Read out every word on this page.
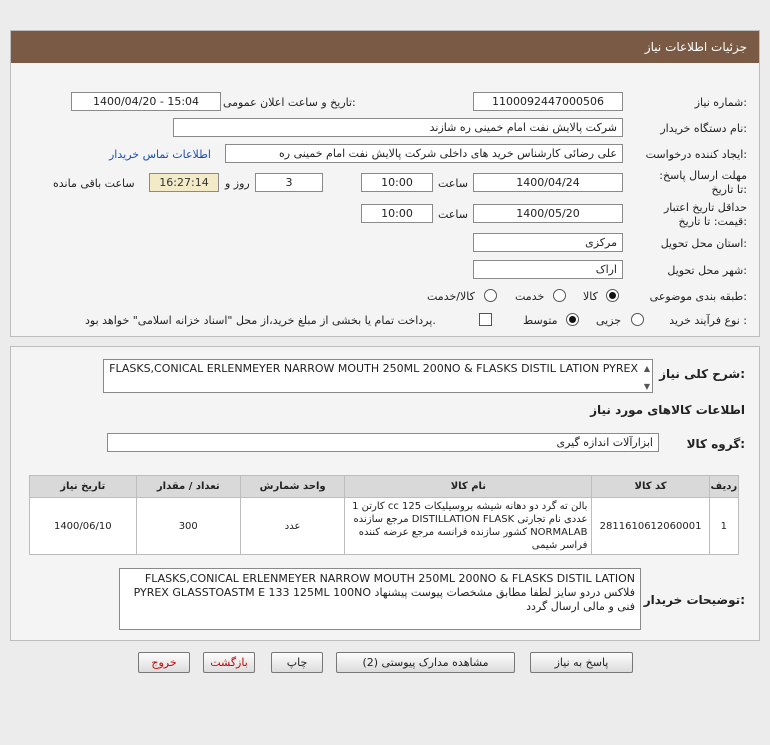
جزئیات اطلاعات نیاز
شماره نیاز:
1100092447000506
تاریخ و ساعت اعلان عمومی:
1400/04/20 - 15:04
نام دستگاه خریدار:
شرکت پالایش نفت امام خمینی ره شازند
ایجاد کننده درخواست:
علی رضائی کارشناس خرید های داخلی شرکت پالایش نفت امام خمینی ره
اطلاعات تماس خریدار
مهلت ارسال پاسخ: تا تاریخ:
1400/04/24
ساعت
10:00
3
روز و
16:27:14
ساعت باقی مانده
حداقل تاریخ اعتبار قیمت: تا تاریخ:
1400/05/20
ساعت
10:00
استان محل تحویل:
مرکزی
شهر محل تحویل:
اراک
طبقه بندی موضوعی:
کالا
خدمت
کالا/خدمت
نوع فرآیند خرید :
جزیی
متوسط
پرداخت تمام یا بخشی از مبلغ خرید،از محل "اسناد خزانه اسلامی" خواهد بود.
شرح کلی نیاز:
FLASKS,CONICAL ERLENMEYER NARROW MOUTH 250ML 200NO & FLASKS DISTIL LATION PYREX ▲
▼
اطلاعات کالاهای مورد نیاز
گروه کالا:
ابزارآلات اندازه گیری
ردیف	کد کالا	نام کالا	واحد شمارش	تعداد / مقدار	تاریخ نیاز
1	2811610612060001	بالن ته گرد دو دهانه شیشه بروسیلیکات cc 125 کارتن 1 عددی نام تجارتی DISTILLATION FLASK مرجع سازنده NORMALAB کشور سازنده فرانسه مرجع عرضه کننده فراسر شیمی	عدد	300	1400/06/10
توضیحات خریدار:
FLASKS,CONICAL ERLENMEYER NARROW MOUTH 250ML 200NO & FLASKS DISTIL LATION PYREX GLASSTOASTM E 133 125ML 100NO فلاکس دردو سایز لطفا مطابق مشخصات پیوست پیشنهاد فنی و مالی ارسال گردد
پاسخ به نیاز
مشاهده مدارک پیوستی (2)
چاپ
بازگشت
خروج
